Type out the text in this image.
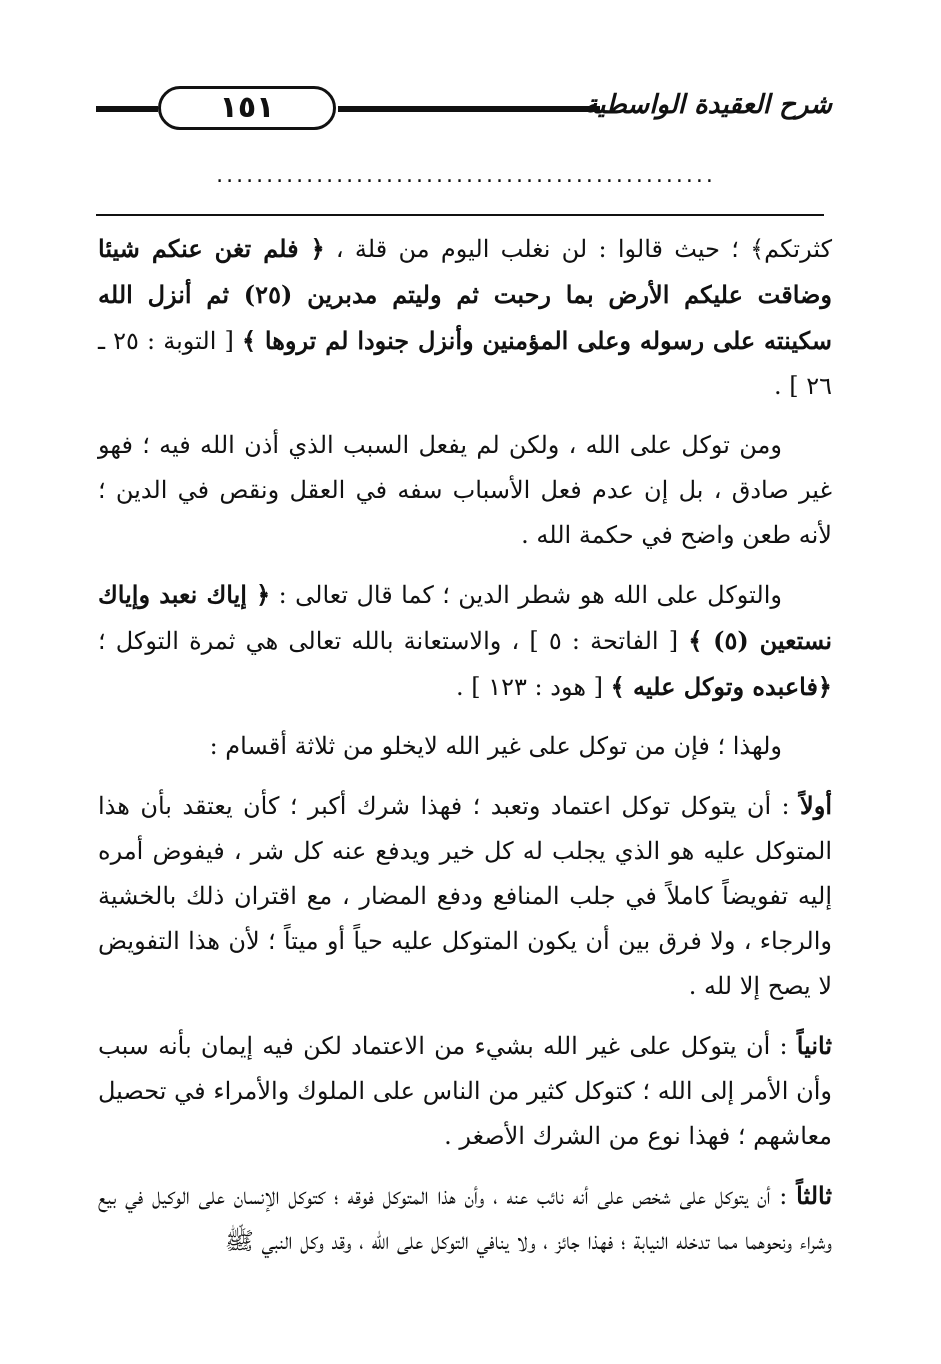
شرح العقيدة الواسطية
١٥١
..................................................

كثرتكم﴾ ؛ حيث قالوا : لن نغلب اليوم من قلة ، ﴿ فلم تغن عنكم شيئا وضاقت عليكم الأرض بما رحبت ثم وليتم مدبرين (٢٥) ثم أنزل الله سكينته على رسوله وعلى المؤمنين وأنزل جنودا لم تروها ﴾ [ التوبة : ٢٥ ـ ٢٦ ] .

ومن توكل على الله ، ولكن لم يفعل السبب الذي أذن الله فيه ؛ فهو غير صادق ، بل إن عدم فعل الأسباب سفه في العقل ونقص في الدين ؛ لأنه طعن واضح في حكمة الله .

والتوكل على الله هو شطر الدين ؛ كما قال تعالى : ﴿ إياك نعبد وإياك نستعين (٥) ﴾ [ الفاتحة : ٥ ] ، والاستعانة بالله تعالى هي ثمرة التوكل ؛ ﴿فاعبده وتوكل عليه ﴾ [ هود : ١٢٣ ] .

ولهذا ؛ فإن من توكل على غير الله لايخلو من ثلاثة أقسام :

أولاً : أن يتوكل توكل اعتماد وتعبد ؛ فهذا شرك أكبر ؛ كأن يعتقد بأن هذا المتوكل عليه هو الذي يجلب له كل خير ويدفع عنه كل شر ، فيفوض أمره إليه تفويضاً كاملاً في جلب المنافع ودفع المضار ، مع اقتران ذلك بالخشية والرجاء ، ولا فرق بين أن يكون المتوكل عليه حياً أو ميتاً ؛ لأن هذا التفويض لا يصح إلا لله .

ثانياً : أن يتوكل على غير الله بشيء من الاعتماد لكن فيه إيمان بأنه سبب وأن الأمر إلى الله ؛ كتوكل كثير من الناس على الملوك والأمراء في تحصيل معاشهم ؛ فهذا نوع من الشرك الأصغر .

ثالثاً : أن يتوكل على شخص على أنه نائب عنه ، وأن هذا المتوكل فوقه ؛ كتوكل الإنسان على الوكيل في بيع وشراء ونحوهما مما تدخله النيابة ؛ فهذا جائز ، ولا ينافي التوكل على الله ، وقد وكل النبي ﷺ
